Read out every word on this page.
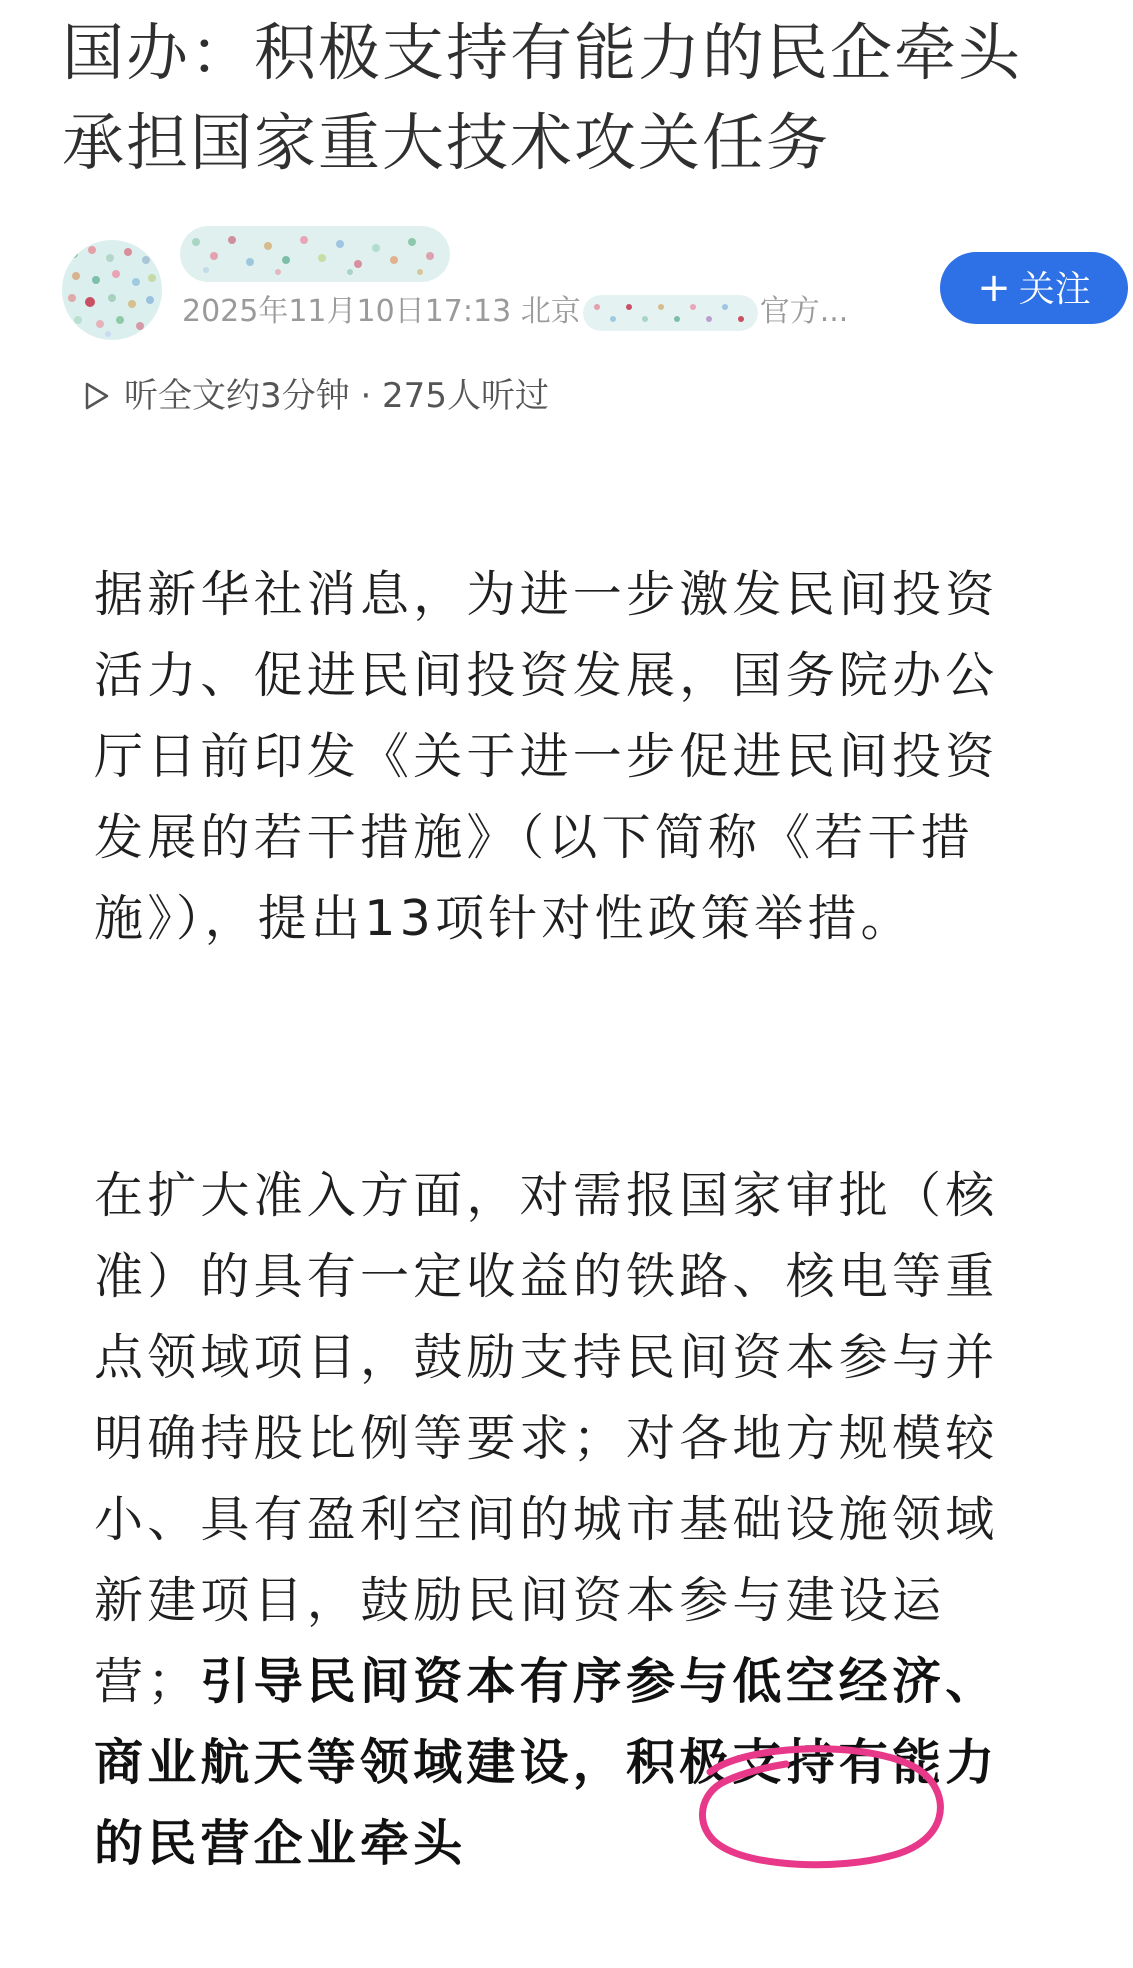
国办：积极支持有能力的民企牵头
承担国家重大技术攻关任务
2025年11月10日17:13 北京	官方...
+ 关注
听全文约3分钟 · 275人听过

据新华社消息，为进一步激发民间投资活力、促进民间投资发展，国务院办公厅日前印发《关于进一步促进民间投资发展的若干措施》（以下简称《若干措施》），提出13项针对性政策举措。

在扩大准入方面，对需报国家审批（核准）的具有一定收益的铁路、核电等重点领域项目，鼓励支持民间资本参与并明确持股比例等要求；对各地方规模较小、具有盈利空间的城市基础设施领域新建项目，鼓励民间资本参与建设运营；引导民间资本有序参与低空经济、商业航天等领域建设，积极支持有能力的民营企业牵头
